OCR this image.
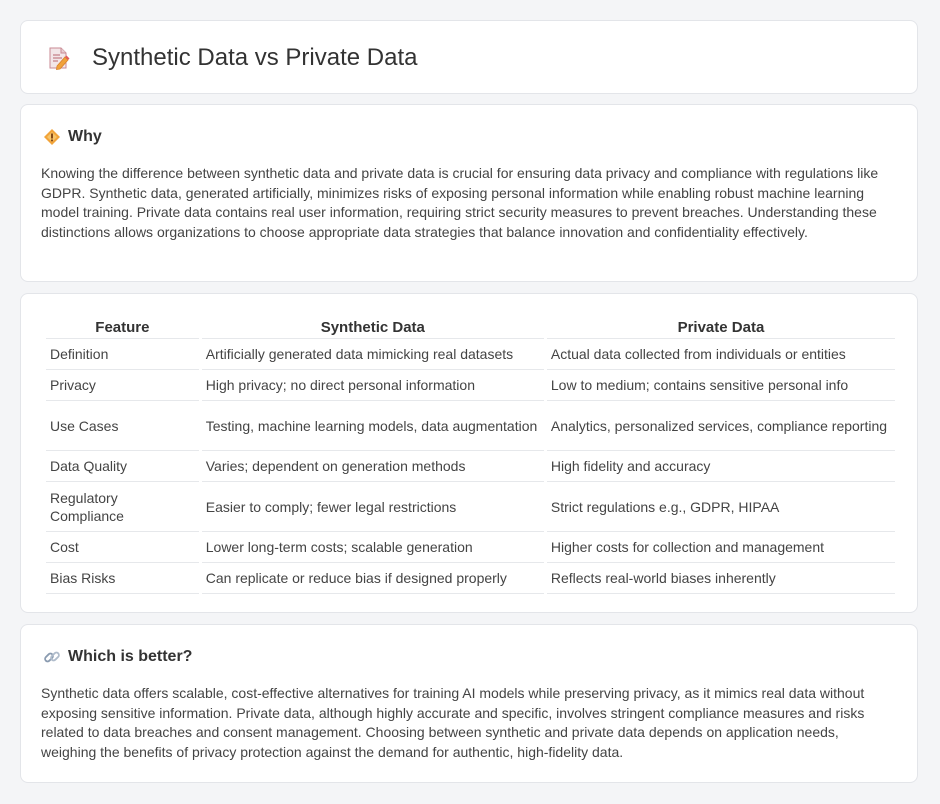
Synthetic Data vs Private Data
Why

Knowing the difference between synthetic data and private data is crucial for ensuring data privacy and compliance with regulations like GDPR. Synthetic data, generated artificially, minimizes risks of exposing personal information while enabling robust machine learning model training. Private data contains real user information, requiring strict security measures to prevent breaches. Understanding these distinctions allows organizations to choose appropriate data strategies that balance innovation and confidentiality effectively.

Feature	Synthetic Data	Private Data
Definition	Artificially generated data mimicking real datasets	Actual data collected from individuals or entities
Privacy	High privacy; no direct personal information	Low to medium; contains sensitive personal info
Use Cases	Testing, machine learning models, data augmentation	Analytics, personalized services, compliance reporting
Data Quality	Varies; dependent on generation methods	High fidelity and accuracy
Regulatory Compliance	Easier to comply; fewer legal restrictions	Strict regulations e.g., GDPR, HIPAA
Cost	Lower long-term costs; scalable generation	Higher costs for collection and management
Bias Risks	Can replicate or reduce bias if designed properly	Reflects real-world biases inherently
Which is better?

Synthetic data offers scalable, cost-effective alternatives for training AI models while preserving privacy, as it mimics real data without exposing sensitive information. Private data, although highly accurate and specific, involves stringent compliance measures and risks related to data breaches and consent management. Choosing between synthetic and private data depends on application needs, weighing the benefits of privacy protection against the demand for authentic, high-fidelity data.
